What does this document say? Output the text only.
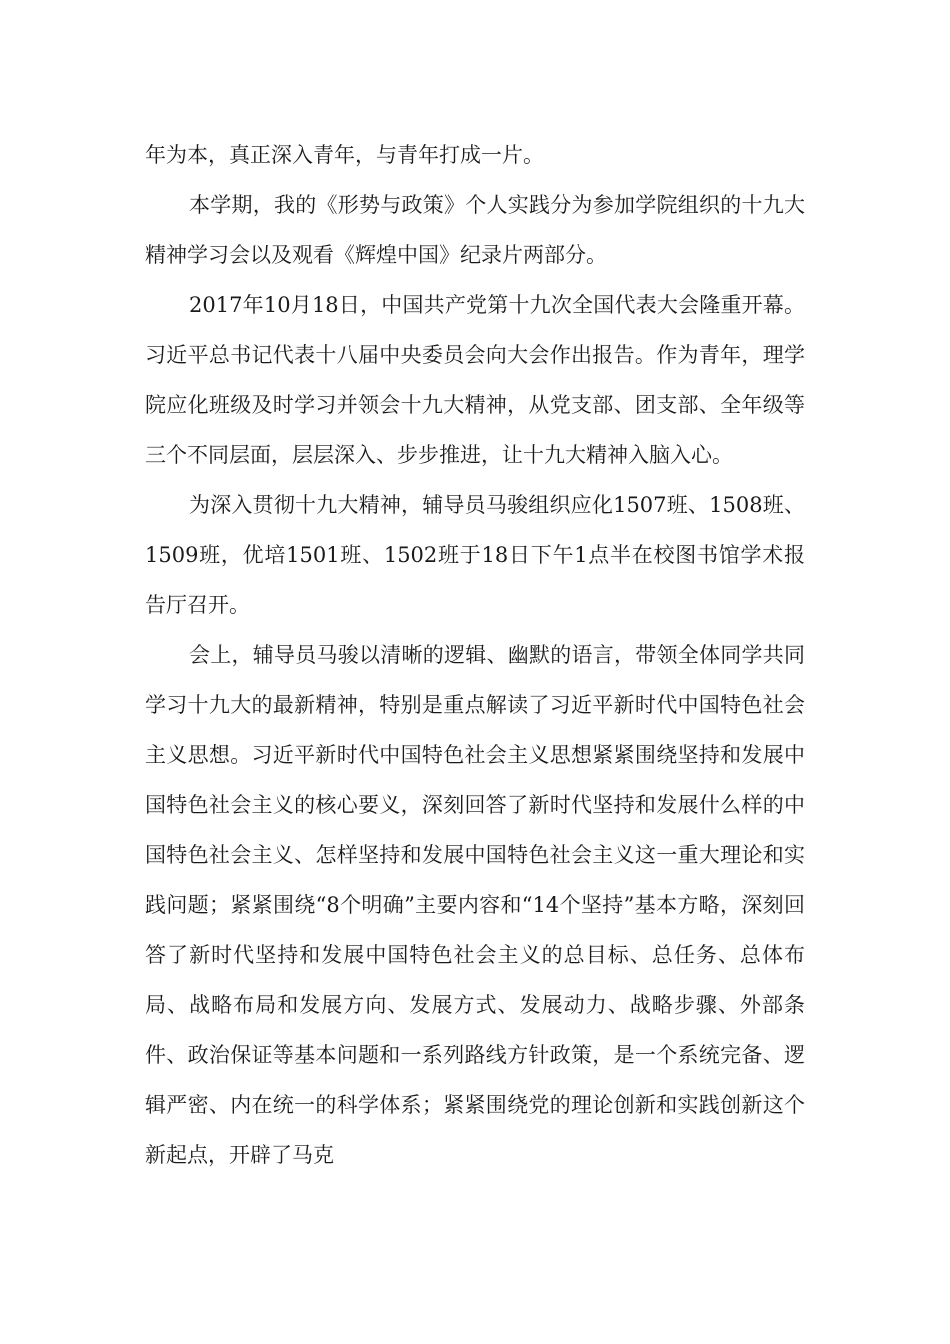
年为本，真正深入青年，与青年打成一片。

本学期，我的《形势与政策》个人实践分为参加学院组织的十九大精神学习会以及观看《辉煌中国》纪录片两部分。

2017年10月18日，中国共产党第十九次全国代表大会隆重开幕。习近平总书记代表十八届中央委员会向大会作出报告。作为青年，理学院应化班级及时学习并领会十九大精神，从党支部、团支部、全年级等三个不同层面，层层深入、步步推进，让十九大精神入脑入心。

为深入贯彻十九大精神，辅导员马骏组织应化1507班、1508班、1509班，优培1501班、1502班于18日下午1点半在校图书馆学术报告厅召开。

会上，辅导员马骏以清晰的逻辑、幽默的语言，带领全体同学共同学习十九大的最新精神，特别是重点解读了习近平新时代中国特色社会主义思想。习近平新时代中国特色社会主义思想紧紧围绕坚持和发展中国特色社会主义的核心要义，深刻回答了新时代坚持和发展什么样的中国特色社会主义、怎样坚持和发展中国特色社会主义这一重大理论和实践问题；紧紧围绕“8个明确”主要内容和“14个坚持”基本方略，深刻回答了新时代坚持和发展中国特色社会主义的总目标、总任务、总体布局、战略布局和发展方向、发展方式、发展动力、战略步骤、外部条件、政治保证等基本问题和一系列路线方针政策，是一个系统完备、逻辑严密、内在统一的科学体系；紧紧围绕党的理论创新和实践创新这个新起点，开辟了马克
